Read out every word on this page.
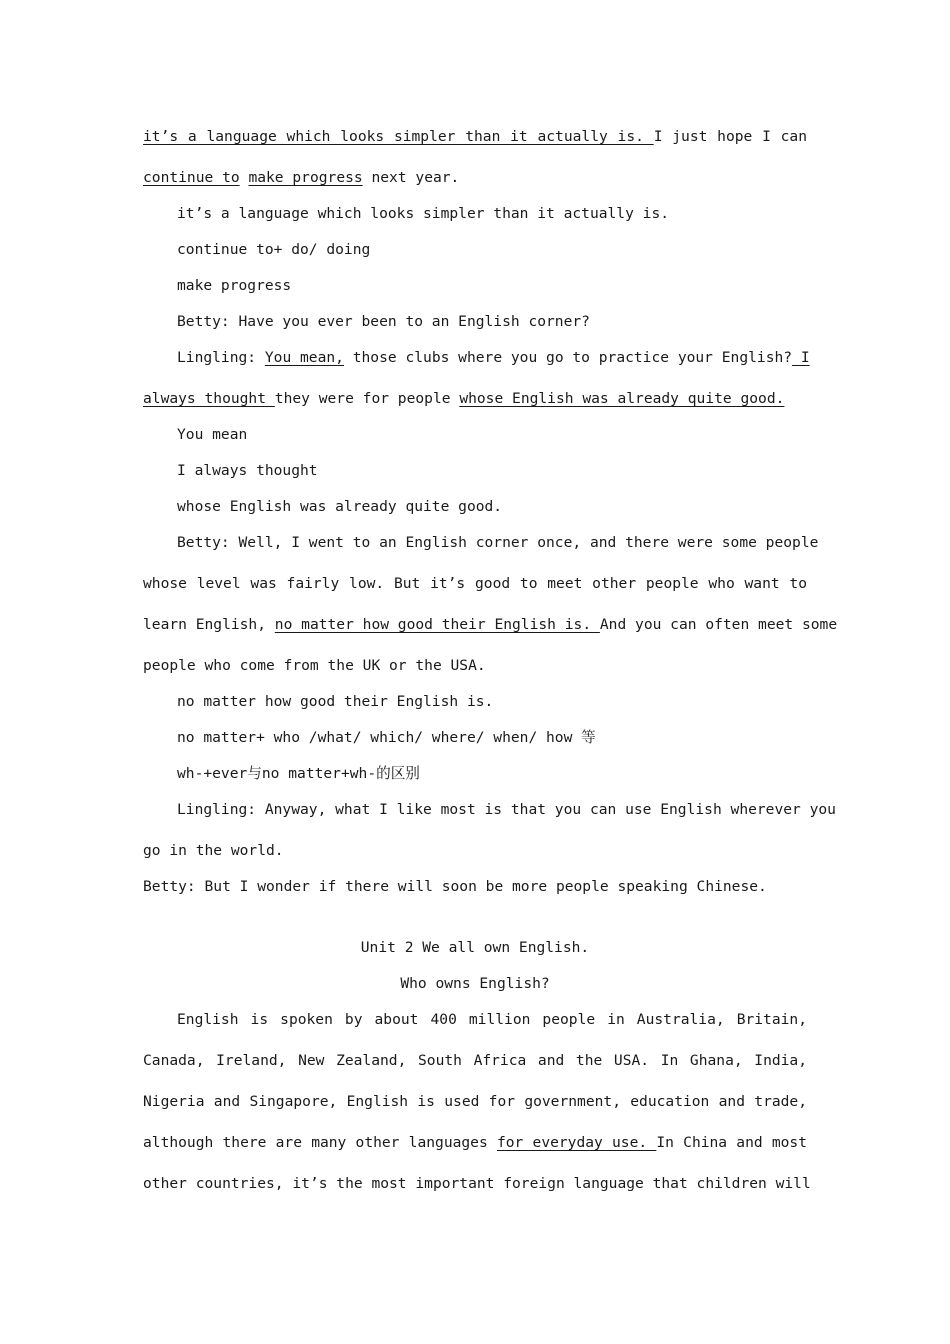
it’s a language which looks simpler than it actually is. I just hope I can
continue to make progress next year.
it’s a language which looks simpler than it actually is.
continue to+ do/ doing
make progress
Betty: Have you ever been to an English corner?
Lingling: You mean, those clubs where you go to practice your English? I
always thought they were for people whose English was already quite good.
You mean
I always thought
whose English was already quite good.
Betty: Well, I went to an English corner once, and there were some people
whose level was fairly low. But it’s good to meet other people who want to
learn English, no matter how good their English is. And you can often meet some
people who come from the UK or the USA.
no matter how good their English is.
no matter+ who /what/ which/ where/ when/ how 等
wh-+ever与no matter+wh-的区别
Lingling: Anyway, what I like most is that you can use English wherever you
go in the world.
Betty: But I wonder if there will soon be more people speaking Chinese.
Unit 2 We all own English.
Who owns English?
English is spoken by about 400 million people in Australia, Britain,
Canada, Ireland, New Zealand, South Africa and the USA. In Ghana, India,
Nigeria and Singapore, English is used for government, education and trade,
although there are many other languages for everyday use. In China and most
other countries, it’s the most important foreign language that children will
